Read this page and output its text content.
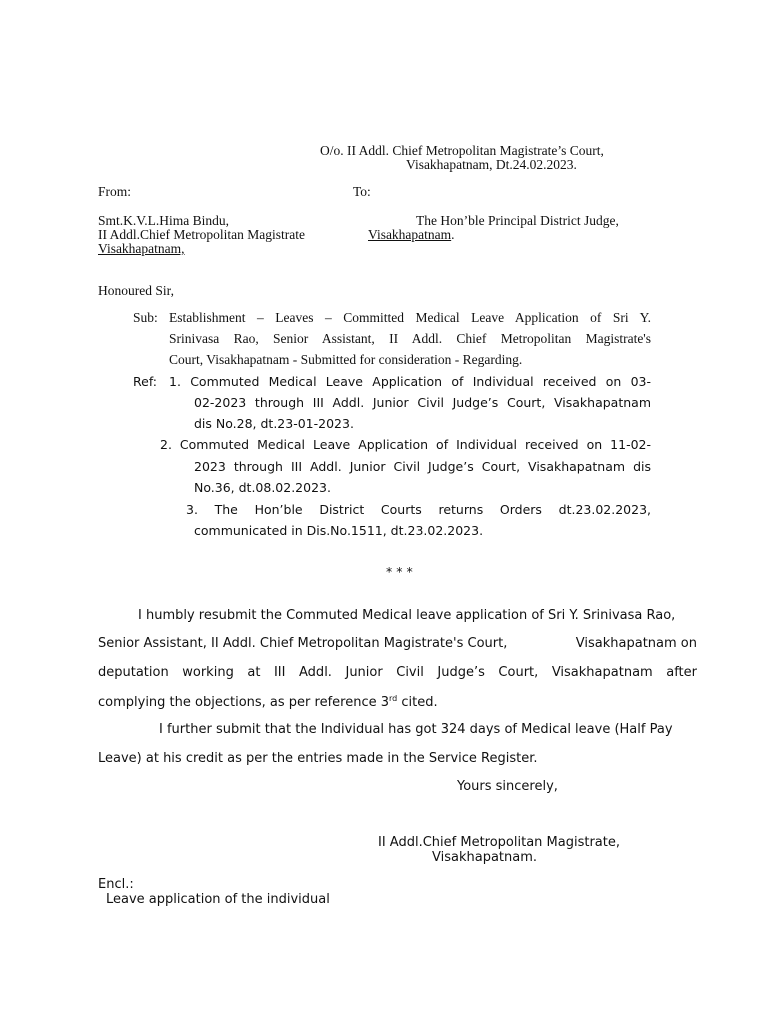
O/o. II Addl. Chief Metropolitan Magistrate’s Court,
Visakhapatnam, Dt.24.02.2023.
From:	To:
Smt.K.V.L.Hima Bindu,
II Addl.Chief Metropolitan Magistrate
Visakhapatnam,
The Hon’ble Principal District Judge,
Visakhapatnam.
Honoured Sir,
Sub: Establishment – Leaves – Committed Medical Leave Application of Sri Y.
Srinivasa Rao, Senior Assistant, II Addl. Chief Metropolitan Magistrate's
Court, Visakhapatnam - Submitted for consideration - Regarding.
Ref: 1. Commuted Medical Leave Application of Individual received on 03-
02-2023 through III Addl. Junior Civil Judge’s Court, Visakhapatnam
dis No.28, dt.23-01-2023.
2. Commuted Medical Leave Application of Individual received on 11-02-
2023 through III Addl. Junior Civil Judge’s Court, Visakhapatnam dis
No.36, dt.08.02.2023.
3. The Hon’ble District Courts returns Orders dt.23.02.2023,
communicated in Dis.No.1511, dt.23.02.2023.
* * *
I humbly resubmit the Commuted Medical leave application of Sri Y. Srinivasa Rao,
Senior Assistant, II Addl. Chief Metropolitan Magistrate's Court,	Visakhapatnam on
deputation working at III Addl. Junior Civil Judge’s Court, Visakhapatnam after
complying the objections, as per reference 3rd cited.
I further submit that the Individual has got 324 days of Medical leave (Half Pay
Leave) at his credit as per the entries made in the Service Register.
Yours sincerely,
II Addl.Chief Metropolitan Magistrate,
Visakhapatnam.
Encl.:
Leave application of the individual
